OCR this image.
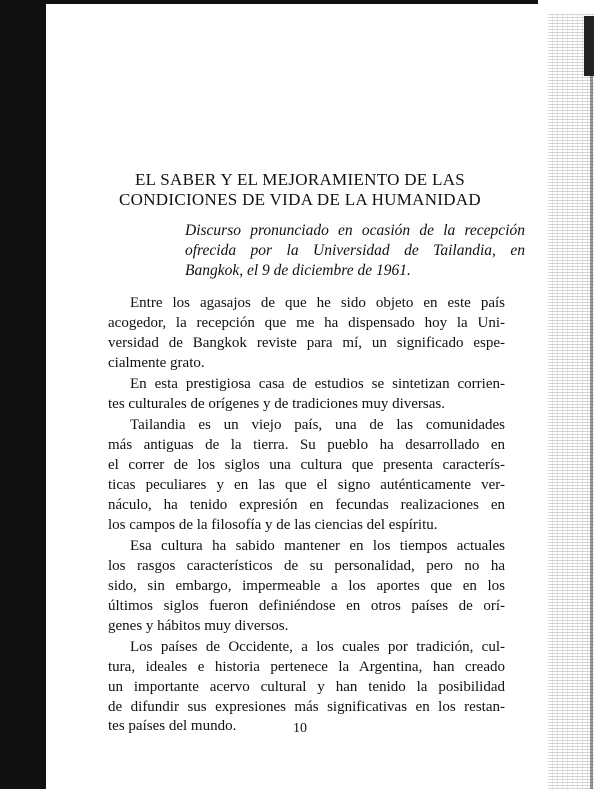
EL SABER Y EL MEJORAMIENTO DE LAS

CONDICIONES DE VIDA DE LA HUMANIDAD

Discurso pronunciado en ocasión de la recepción

ofrecida por la Universidad de Tailandia, en

Bangkok, el 9 de diciembre de 1961.

Entre los agasajos de que he sido objeto en este país

acogedor, la recepción que me ha dispensado hoy la Uni-

versidad de Bangkok reviste para mí, un significado espe-

cialmente grato.

En esta prestigiosa casa de estudios se sintetizan corrien-

tes culturales de orígenes y de tradiciones muy diversas.

Tailandia es un viejo país, una de las comunidades

más antiguas de la tierra. Su pueblo ha desarrollado en

el correr de los siglos una cultura que presenta caracterís-

ticas peculiares y en las que el signo auténticamente ver-

náculo, ha tenido expresión en fecundas realizaciones en

los campos de la filosofía y de las ciencias del espíritu.

Esa cultura ha sabido mantener en los tiempos actuales

los rasgos característicos de su personalidad, pero no ha

sido, sin embargo, impermeable a los aportes que en los

últimos siglos fueron definiéndose en otros países de orí-

genes y hábitos muy diversos.

Los países de Occidente, a los cuales por tradición, cul-

tura, ideales e historia pertenece la Argentina, han creado

un importante acervo cultural y han tenido la posibilidad

de difundir sus expresiones más significativas en los restan-

tes países del mundo.	10
